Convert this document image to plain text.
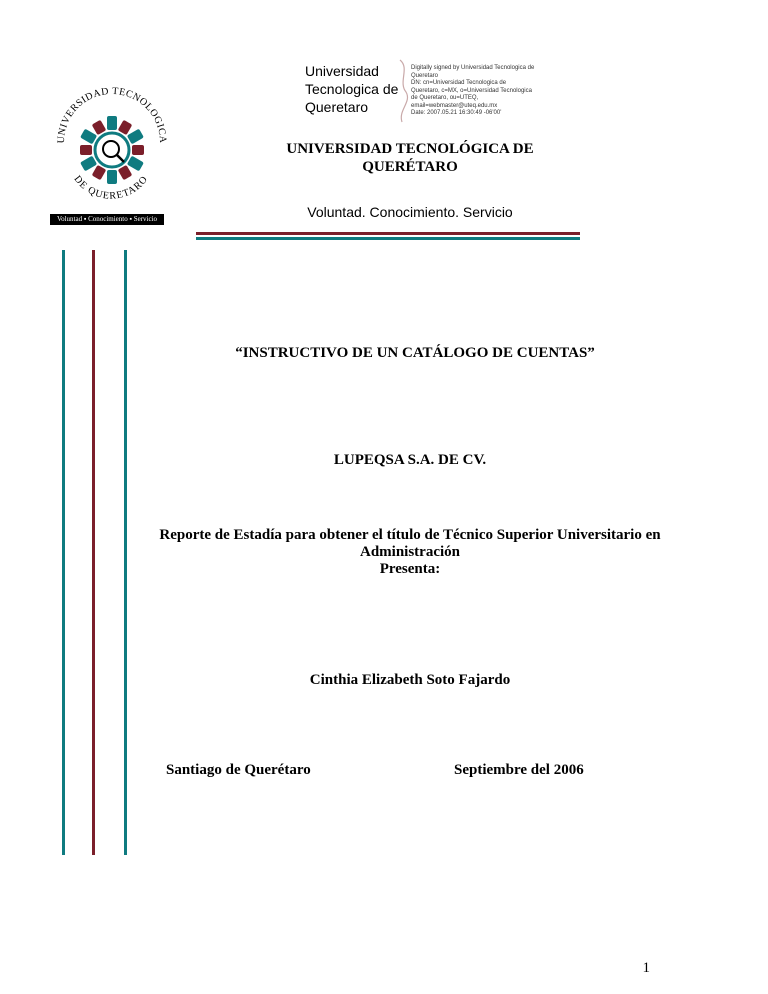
UNIVERSIDAD TECNOLOGICA
DE QUERETARO
Voluntad ▪ Conocimiento ▪ Servicio
Universidad
Tecnologica de
Queretaro
Digitally signed by Universidad Tecnologica de
Queretaro
DN: cn=Universidad Tecnologica de
Queretaro, c=MX, o=Universidad Tecnologica
de Queretaro, ou=UTEQ,
email=webmaster@uteq.edu.mx
Date: 2007.05.21 16:30:49 -06'00'
UNIVERSIDAD TECNOLÓGICA DE
QUERÉTARO
Voluntad. Conocimiento. Servicio
“INSTRUCTIVO DE UN CATÁLOGO DE CUENTAS”
LUPEQSA S.A. DE CV.
Reporte de Estadía para obtener el título de Técnico Superior Universitario en
Administración
Presenta:
Cinthia Elizabeth Soto Fajardo
Santiago de Querétaro	Septiembre del 2006
1
